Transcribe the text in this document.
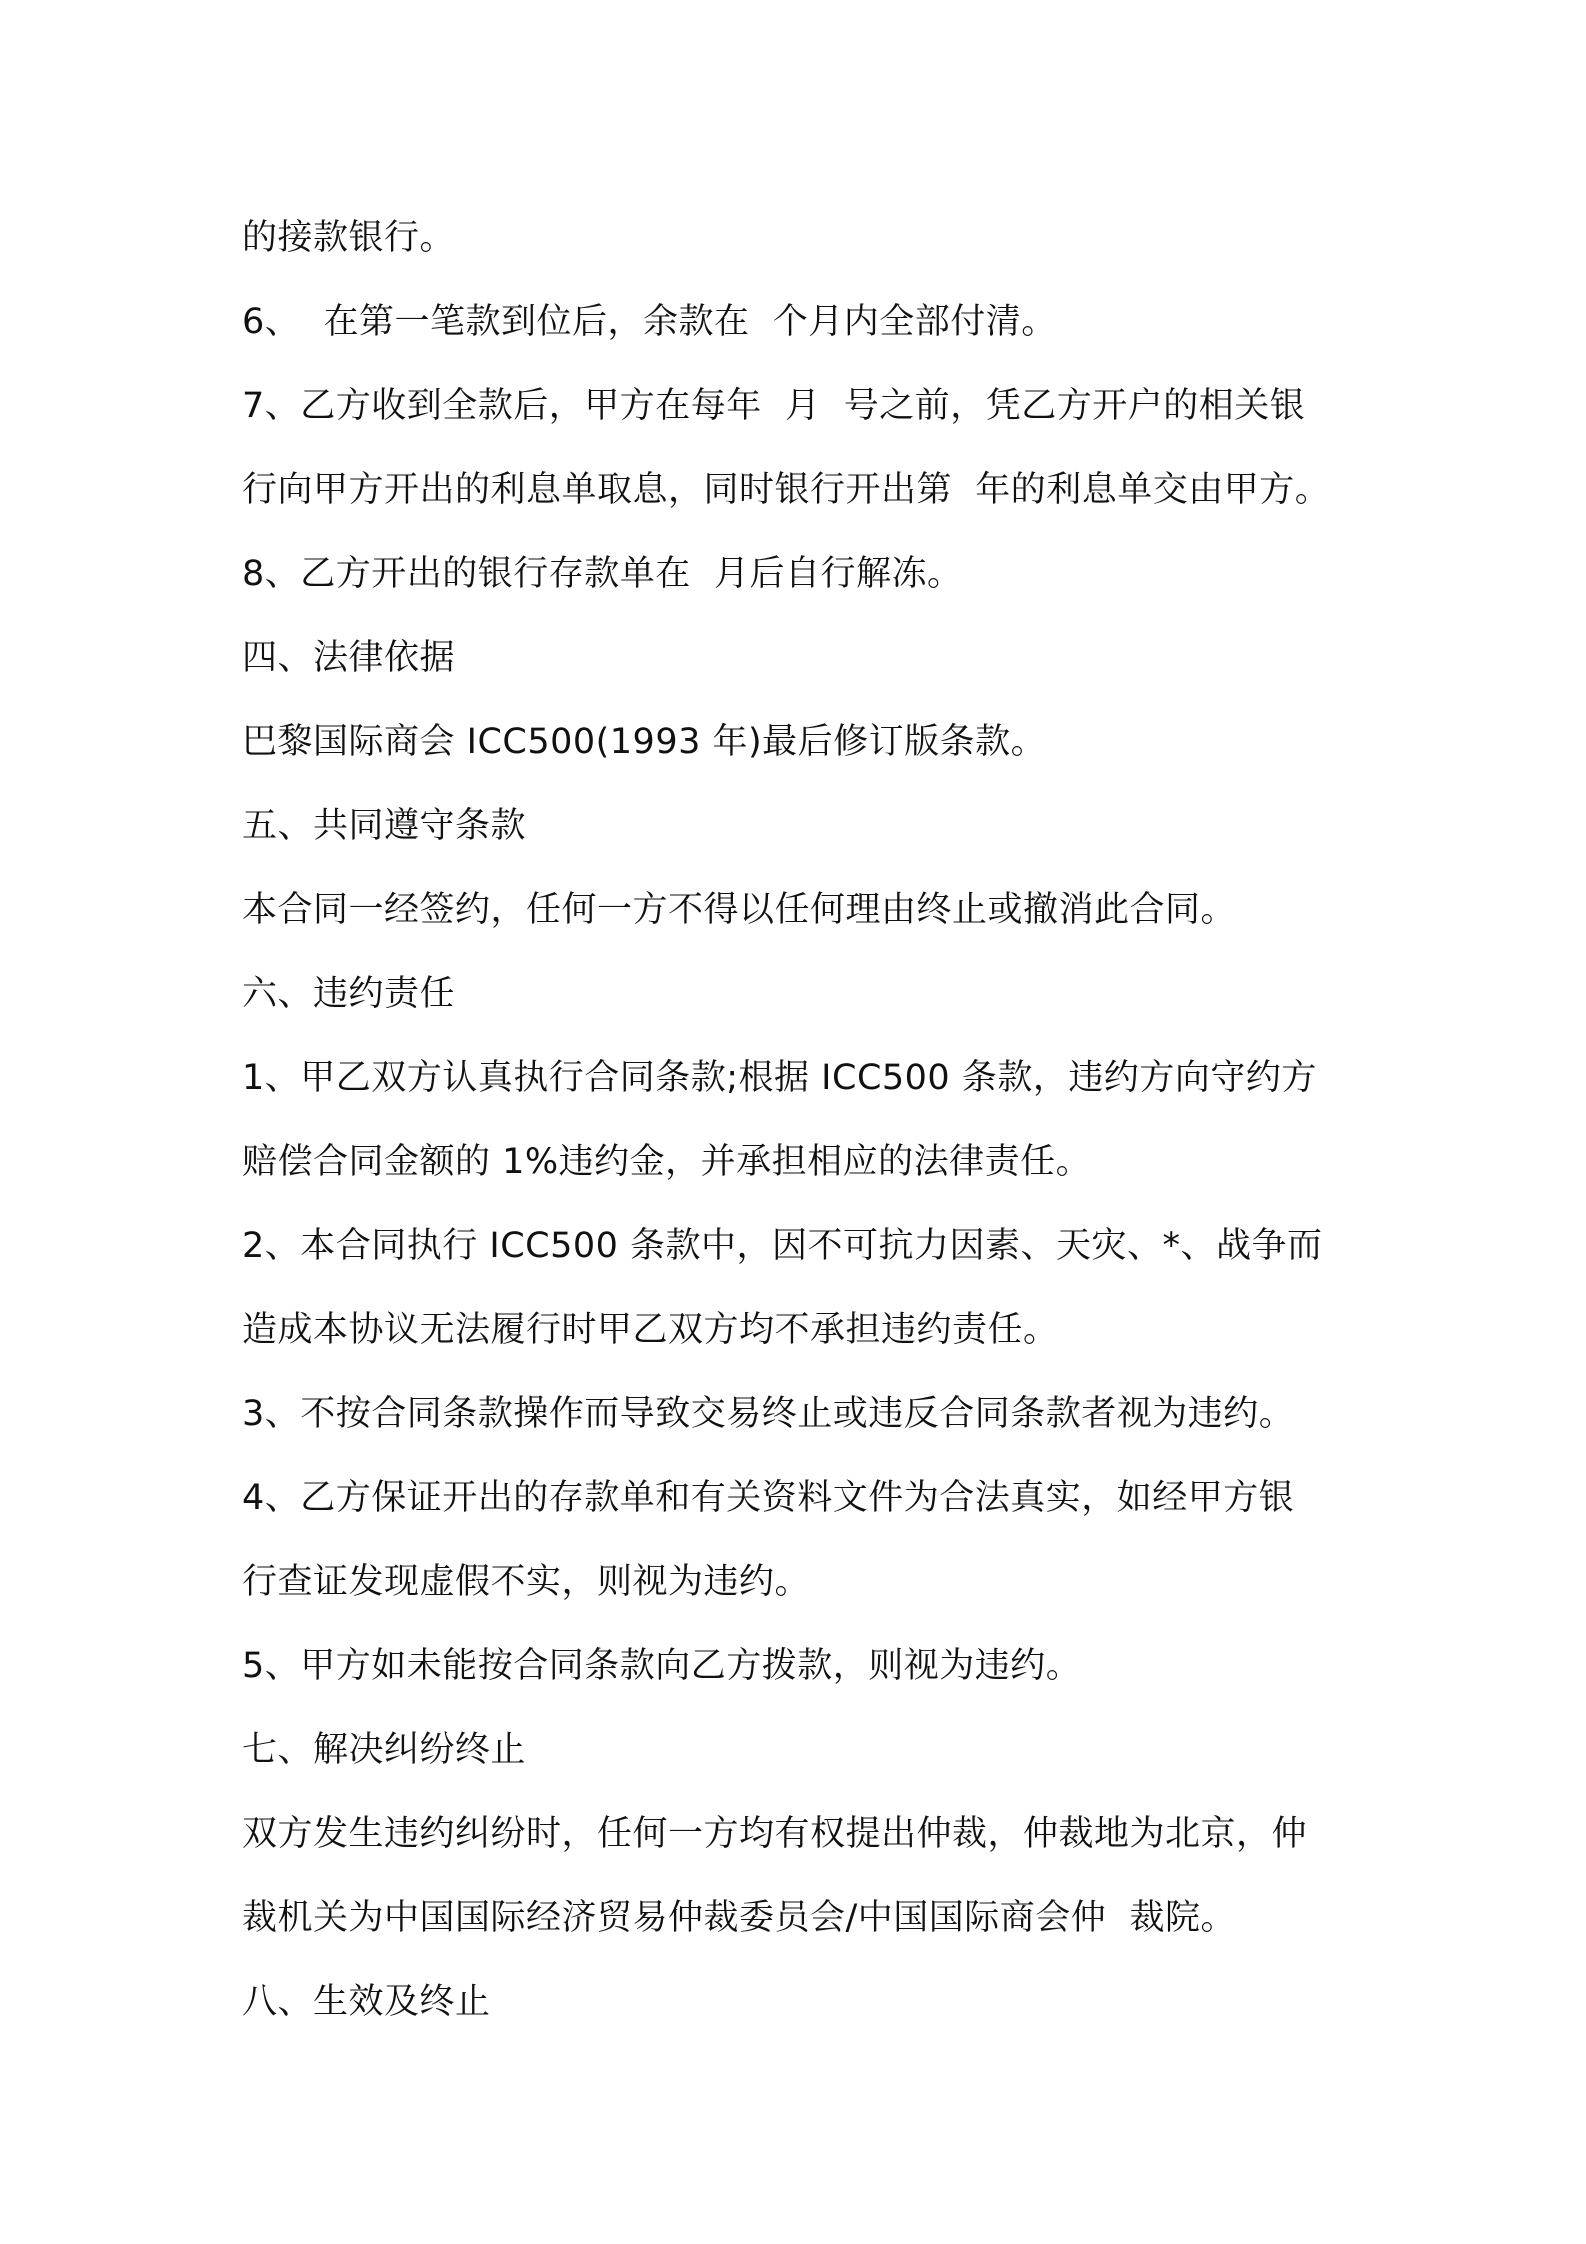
的接款银行。
6、  在第一笔款到位后，余款在  个月内全部付清。
7、乙方收到全款后，甲方在每年  月  号之前，凭乙方开户的相关银
行向甲方开出的利息单取息，同时银行开出第  年的利息单交由甲方。
8、乙方开出的银行存款单在  月后自行解冻。
四、法律依据
巴黎国际商会 ICC500(1993 年)最后修订版条款。
五、共同遵守条款
本合同一经签约，任何一方不得以任何理由终止或撤消此合同。
六、违约责任
1、甲乙双方认真执行合同条款;根据 ICC500 条款，违约方向守约方
赔偿合同金额的 1%违约金，并承担相应的法律责任。
2、本合同执行 ICC500 条款中，因不可抗力因素、天灾、*、战争而
造成本协议无法履行时甲乙双方均不承担违约责任。
3、不按合同条款操作而导致交易终止或违反合同条款者视为违约。
4、乙方保证开出的存款单和有关资料文件为合法真实，如经甲方银
行查证发现虚假不实，则视为违约。
5、甲方如未能按合同条款向乙方拨款，则视为违约。
七、解决纠纷终止
双方发生违约纠纷时，任何一方均有权提出仲裁，仲裁地为北京，仲
裁机关为中国国际经济贸易仲裁委员会/中国国际商会仲  裁院。
八、生效及终止
